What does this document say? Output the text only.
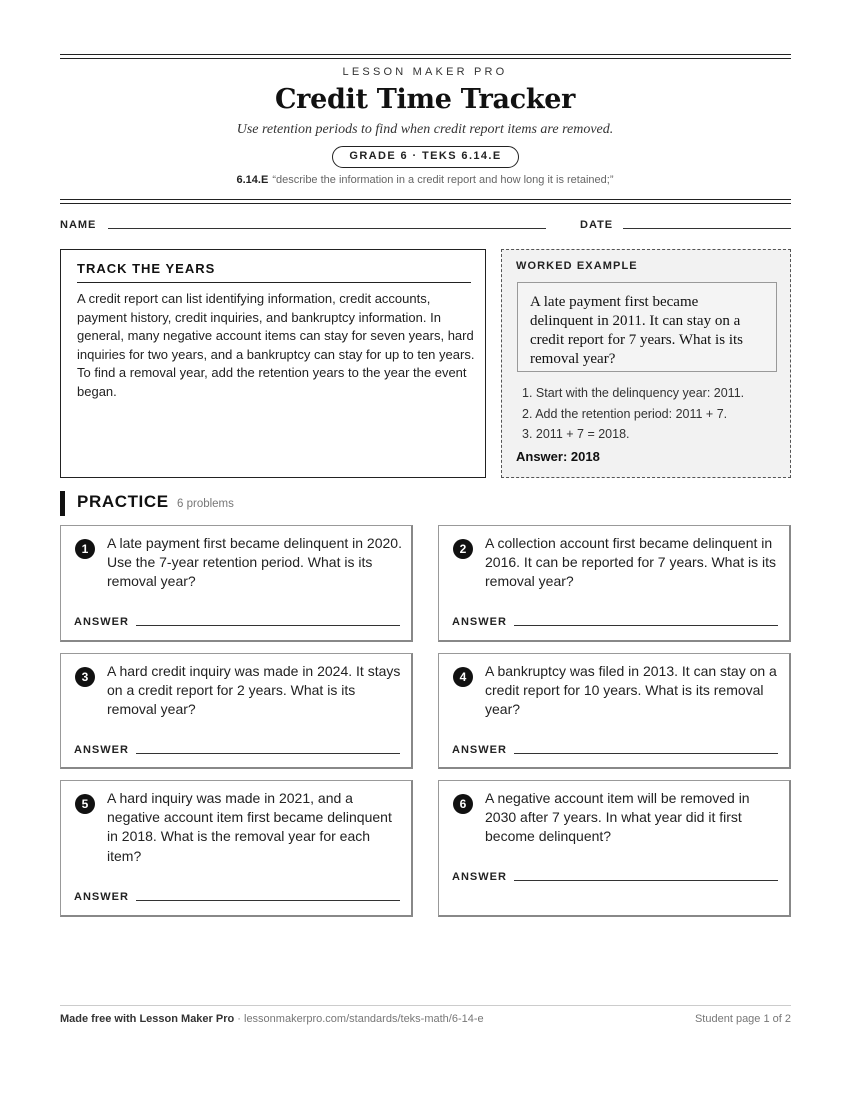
LESSON MAKER PRO
Credit Time Tracker
Use retention periods to find when credit report items are removed.
GRADE 6 · TEKS 6.14.E
6.14.E “describe the information in a credit report and how long it is retained;”
NAME	DATE
TRACK THE YEARS
A credit report can list identifying information, credit accounts, payment history, credit inquiries, and bankruptcy information. In general, many negative account items can stay for seven years, hard inquiries for two years, and a bankruptcy can stay for up to ten years. To find a removal year, add the retention years to the year the event began.
WORKED EXAMPLE
A late payment first became delinquent in 2011. It can stay on a credit report for 7 years. What is its removal year?
1. Start with the delinquency year: 2011.
2. Add the retention period: 2011 + 7.
3. 2011 + 7 = 2018.
Answer: 2018
PRACTICE 6 problems
1	A late payment first became delinquent in 2020. Use the 7-year retention period. What is its removal year?
ANSWER
2	A collection account first became delinquent in 2016. It can be reported for 7 years. What is its removal year?
ANSWER
3	A hard credit inquiry was made in 2024. It stays on a credit report for 2 years. What is its removal year?
ANSWER
4	A bankruptcy was filed in 2013. It can stay on a credit report for 10 years. What is its removal year?
ANSWER
5	A hard inquiry was made in 2021, and a negative account item first became delinquent in 2018. What is the removal year for each item?
ANSWER
6	A negative account item will be removed in 2030 after 7 years. In what year did it first become delinquent?
ANSWER
Made free with Lesson Maker Pro · lessonmakerpro.com/standards/teks-math/6-14-e	Student page 1 of 2
